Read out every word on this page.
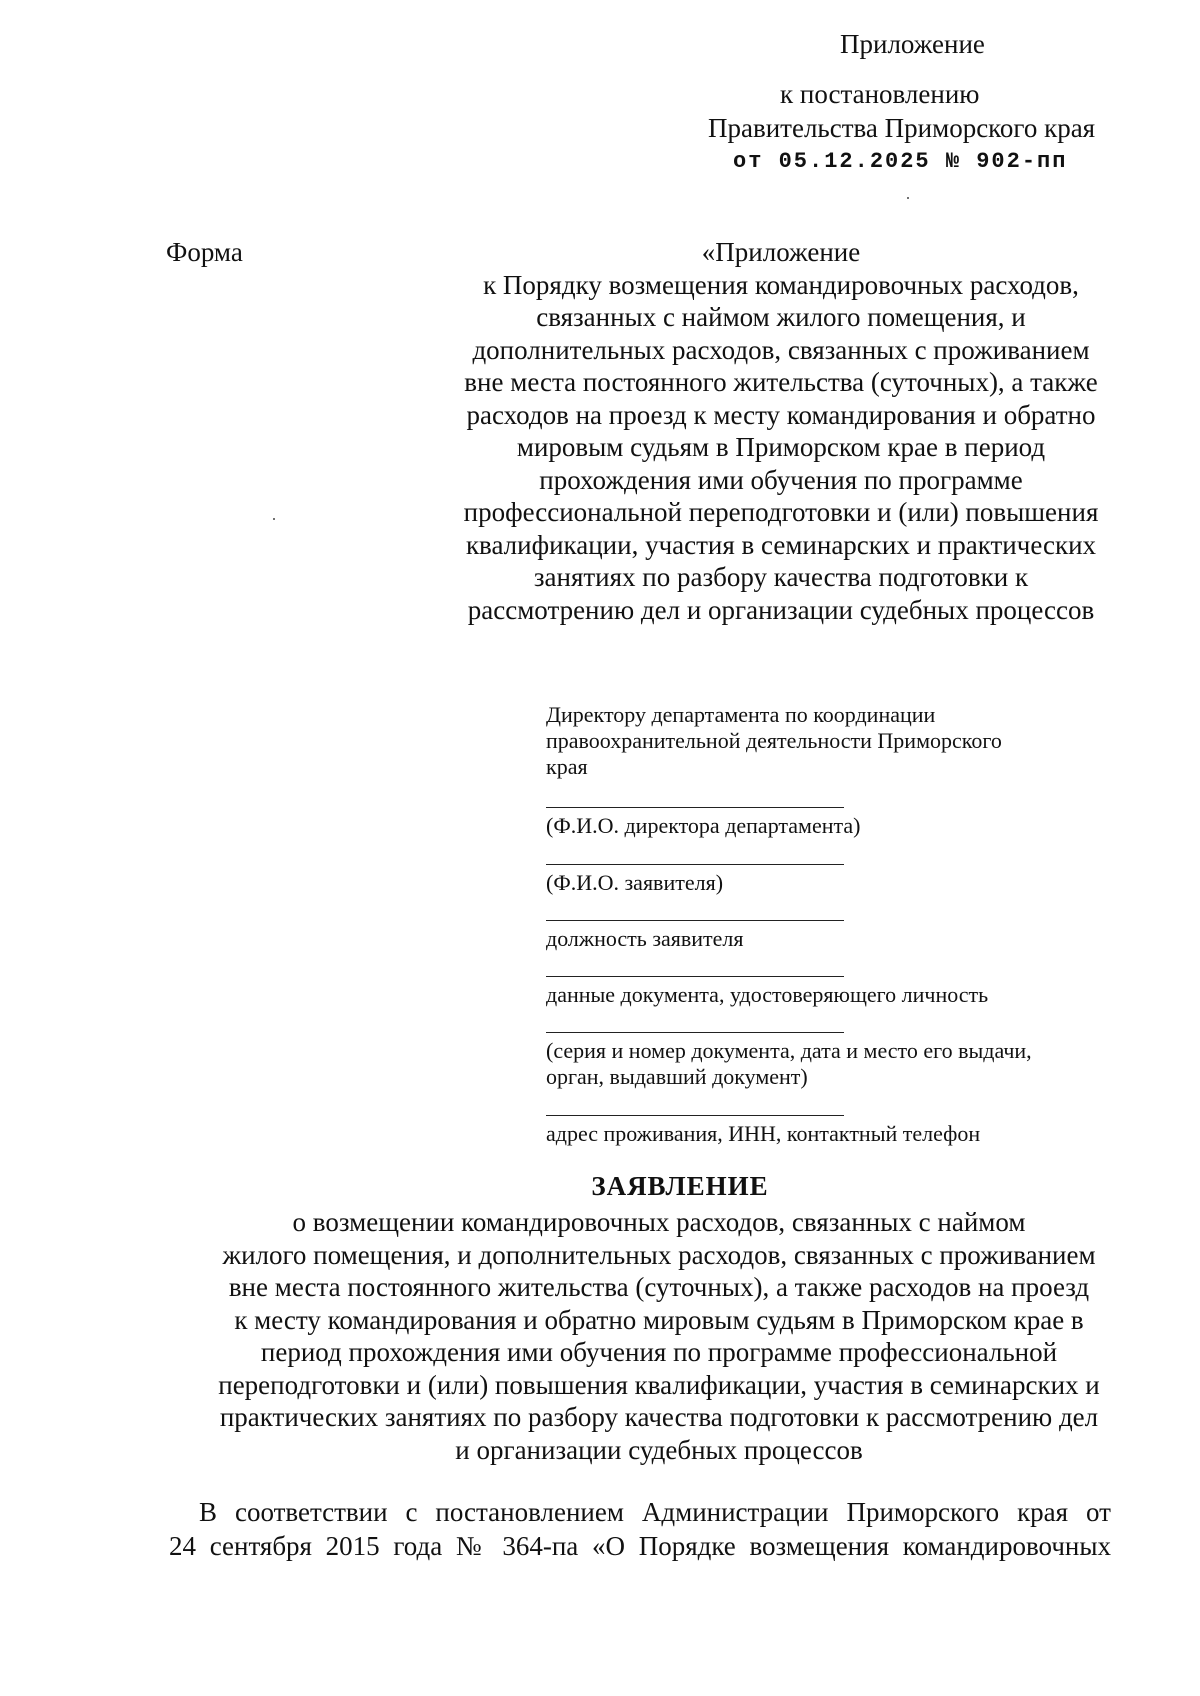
Приложение
к постановлению
Правительства Приморского края
от 05.12.2025 № 902-пп
Форма	«Приложение
к Порядку возмещения командировочных расходов,
связанных с наймом жилого помещения, и
дополнительных расходов, связанных с проживанием
вне места постоянного жительства (суточных), а также
расходов на проезд к месту командирования и обратно
мировым судьям в Приморском крае в период
прохождения ими обучения по программе
профессиональной переподготовки и (или) повышения
квалификации, участия в семинарских и практических
занятиях по разбору качества подготовки к
рассмотрению дел и организации судебных процессов
Директору департамента по координации
правоохранительной деятельности Приморского
края
(Ф.И.О. директора департамента)
(Ф.И.О. заявителя)
должность заявителя
данные документа, удостоверяющего личность
(серия и номер документа, дата и место его выдачи,
орган, выдавший документ)
адрес проживания, ИНН, контактный телефон
ЗАЯВЛЕНИЕ
о возмещении командировочных расходов, связанных с наймом
жилого помещения, и дополнительных расходов, связанных с проживанием
вне места постоянного жительства (суточных), а также расходов на проезд
к месту командирования и обратно мировым судьям в Приморском крае в
период прохождения ими обучения по программе профессиональной
переподготовки и (или) повышения квалификации, участия в семинарских и
практических занятиях по разбору качества подготовки к рассмотрению дел
и организации судебных процессов
В соответствии с постановлением Администрации Приморского края от
24 сентября 2015 года № 364-па «О Порядке возмещения командировочных
